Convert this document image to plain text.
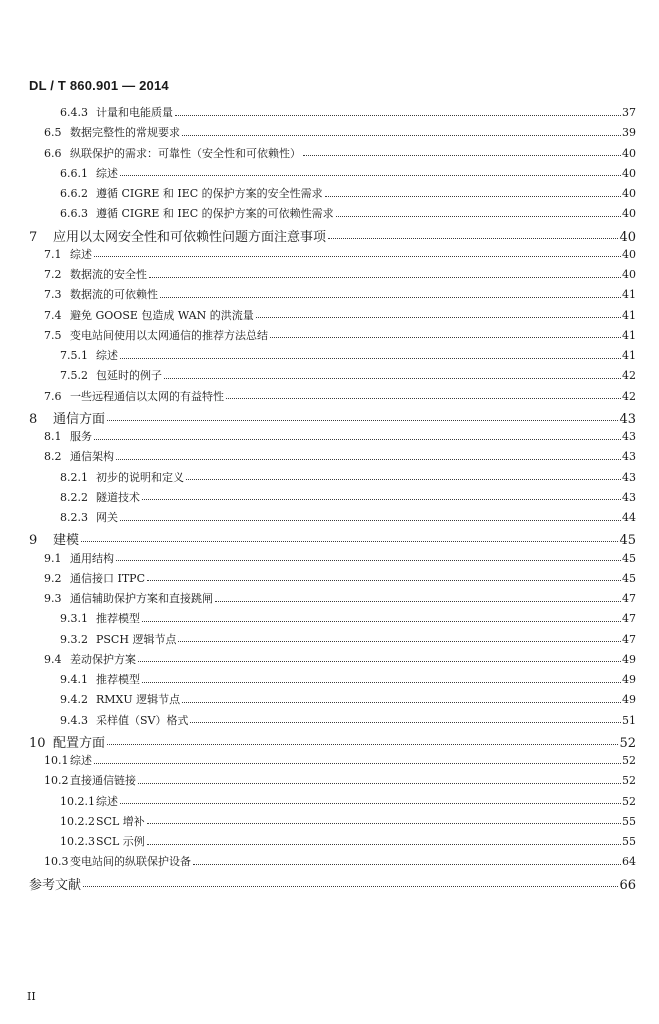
DL / T 860.901 — 2014
6.4.3 计量和电能质量	37
6.5 数据完整性的常规要求	39
6.6 纵联保护的需求：可靠性（安全性和可依赖性）	40
6.6.1 综述	40
6.6.2 遵循 CIGRE 和 IEC 的保护方案的安全性需求	40
6.6.3 遵循 CIGRE 和 IEC 的保护方案的可依赖性需求	40
7	应用以太网安全性和可依赖性问题方面注意事项	40
7.1 综述	40
7.2 数据流的安全性	40
7.3 数据流的可依赖性	41
7.4 避免 GOOSE 包造成 WAN 的洪流量	41
7.5 变电站间使用以太网通信的推荐方法总结	41
7.5.1 综述	41
7.5.2 包延时的例子	42
7.6 一些远程通信以太网的有益特性	42
8	通信方面	43
8.1 服务	43
8.2 通信架构	43
8.2.1 初步的说明和定义	43
8.2.2 隧道技术	43
8.2.3 网关	44
9	建模	45
9.1 通用结构	45
9.2 通信接口 ITPC	45
9.3 通信辅助保护方案和直接跳闸	47
9.3.1 推荐模型	47
9.3.2 PSCH 逻辑节点	47
9.4 差动保护方案	49
9.4.1 推荐模型	49
9.4.2 RMXU 逻辑节点	49
9.4.3 采样值（SV）格式	51
10 配置方面	52
10.1 综述	52
10.2 直接通信链接	52
10.2.1 综述	52
10.2.2 SCL 增补	55
10.2.3 SCL 示例	55
10.3 变电站间的纵联保护设备	64
参考文献	66
II
